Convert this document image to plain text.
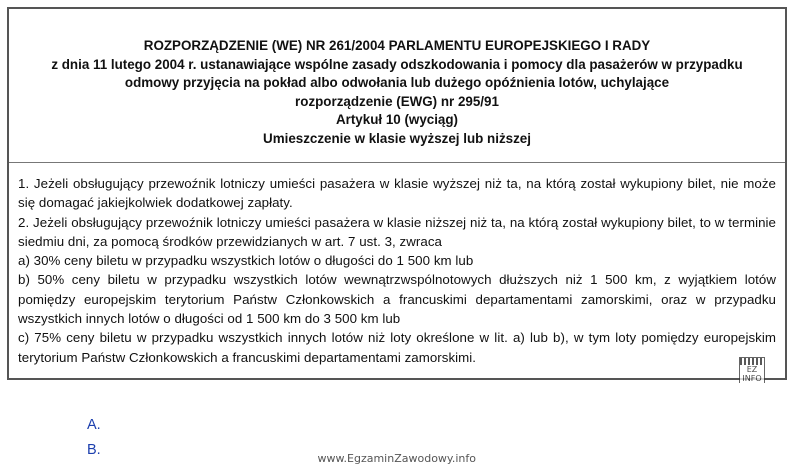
ROZPORZĄDZENIE (WE) NR 261/2004 PARLAMENTU EUROPEJSKIEGO I RADY
z dnia 11 lutego 2004 r. ustanawiające wspólne zasady odszkodowania i pomocy dla pasażerów w przypadku
odmowy przyjęcia na pokład albo odwołania lub dużego opóźnienia lotów, uchylające
rozporządzenie (EWG) nr 295/91
Artykuł 10 (wyciąg)
Umieszczenie w klasie wyższej lub niższej

1. Jeżeli obsługujący przewoźnik lotniczy umieści pasażera w klasie wyższej niż ta, na którą został wykupiony bilet, nie może się domagać jakiejkolwiek dodatkowej zapłaty.

2. Jeżeli obsługujący przewoźnik lotniczy umieści pasażera w klasie niższej niż ta, na którą został wykupiony bilet, to w terminie siedmiu dni, za pomocą środków przewidzianych w art. 7 ust. 3, zwraca

a) 30% ceny biletu w przypadku wszystkich lotów o długości do 1 500 km lub

b) 50% ceny biletu w przypadku wszystkich lotów wewnątrzwspólnotowych dłuższych niż 1 500 km, z wyjątkiem lotów pomiędzy europejskim terytorium Państw Członkowskich a francuskimi departamentami zamorskimi, oraz w przypadku wszystkich innych lotów o długości od 1 500 km do 3 500 km lub

c) 75% ceny biletu w przypadku wszystkich innych lotów niż loty określone w lit. a) lub b), w tym loty pomiędzy europejskim terytorium Państw Członkowskich a francuskimi departamentami zamorskimi.

EZ INFO
A.
B.
www.EgzaminZawodowy.info
